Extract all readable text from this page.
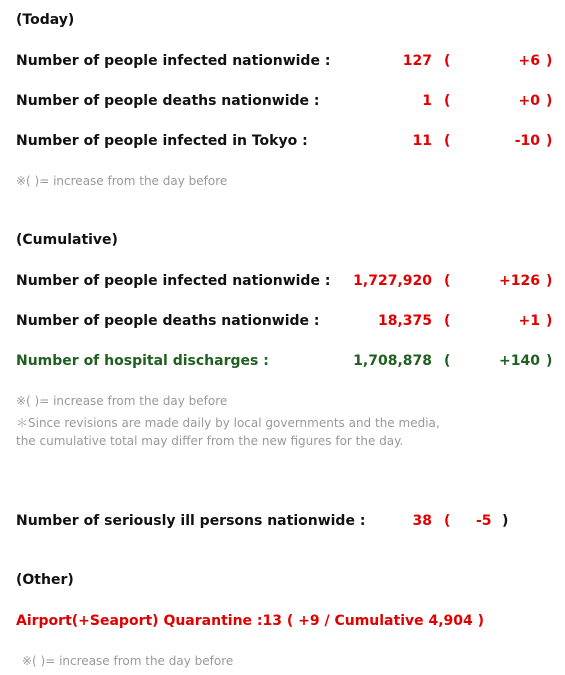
(Today)
Number of people infected nationwide :	127 (	+6 )
Number of people deaths nationwide :	1 (	+0 )
Number of people infected in Tokyo :	11 (	-10 )
※( )= increase from the day before
(Cumulative)
Number of people infected nationwide : 1,727,920 (	+126 )
Number of people deaths nationwide :	18,375 (	+1 )
Number of hospital discharges :	1,708,878 (	+140 )
※( )= increase from the day before
＊Since revisions are made daily by local governments and the media,
the cumulative total may differ from the new figures for the day.
Number of seriously ill persons nationwide :	38 ( -5 )
(Other)
Airport(+Seaport) Quarantine :13 ( +9 / Cumulative 4,904 )
※( )= increase from the day before
